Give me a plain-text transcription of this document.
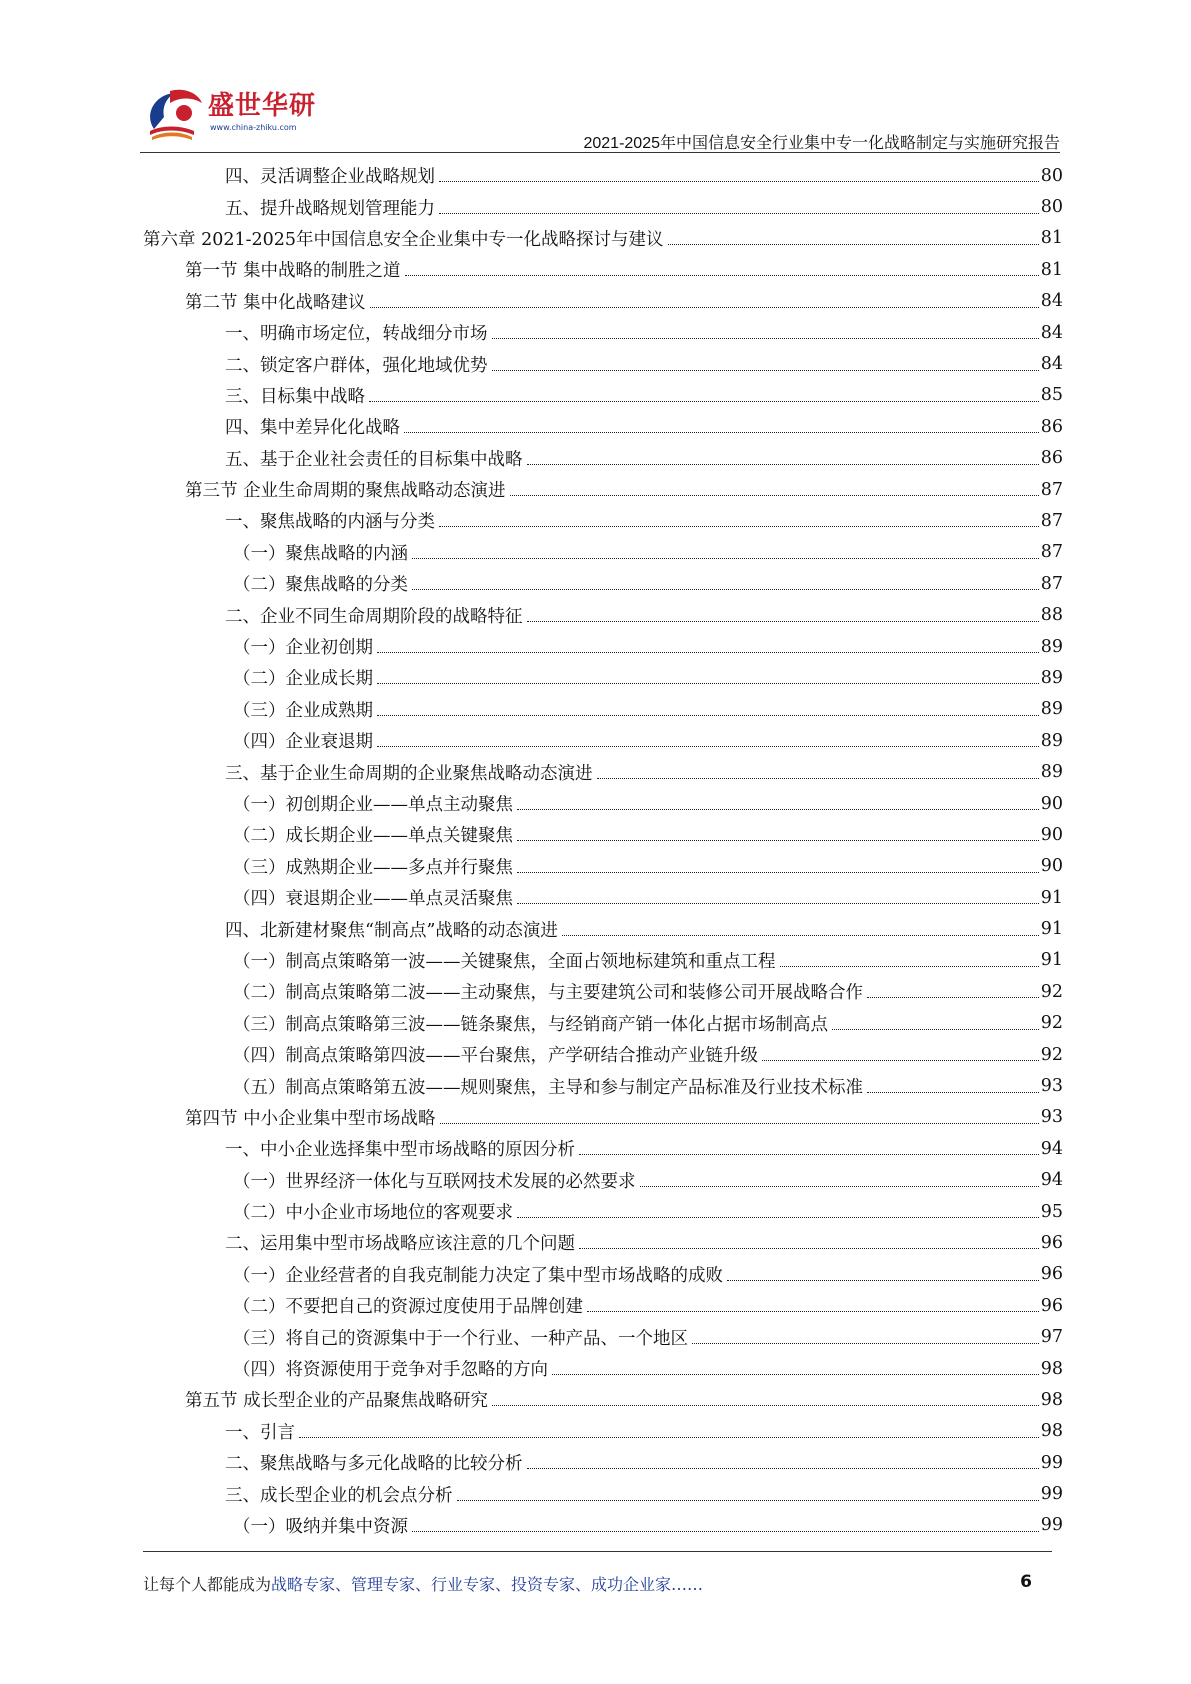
盛世华研
www.china-zhiku.com
2021-2025年中国信息安全行业集中专一化战略制定与实施研究报告
四、灵活调整企业战略规划	80
五、提升战略规划管理能力	80
第六章 2021-2025年中国信息安全企业集中专一化战略探讨与建议	81
第一节 集中战略的制胜之道	81
第二节 集中化战略建议	84
一、明确市场定位，转战细分市场	84
二、锁定客户群体，强化地域优势	84
三、目标集中战略	85
四、集中差异化化战略	86
五、基于企业社会责任的目标集中战略	86
第三节 企业生命周期的聚焦战略动态演进	87
一、聚焦战略的内涵与分类	87
（一）聚焦战略的内涵	87
（二）聚焦战略的分类	87
二、企业不同生命周期阶段的战略特征	88
（一）企业初创期	89
（二）企业成长期	89
（三）企业成熟期	89
（四）企业衰退期	89
三、基于企业生命周期的企业聚焦战略动态演进	89
（一）初创期企业——单点主动聚焦	90
（二）成长期企业——单点关键聚焦	90
（三）成熟期企业——多点并行聚焦	90
（四）衰退期企业——单点灵活聚焦	91
四、北新建材聚焦“制高点”战略的动态演进	91
（一）制高点策略第一波——关键聚焦，全面占领地标建筑和重点工程	91
（二）制高点策略第二波——主动聚焦，与主要建筑公司和装修公司开展战略合作	92
（三）制高点策略第三波——链条聚焦，与经销商产销一体化占据市场制高点	92
（四）制高点策略第四波——平台聚焦，产学研结合推动产业链升级	92
（五）制高点策略第五波——规则聚焦，主导和参与制定产品标准及行业技术标准	93
第四节 中小企业集中型市场战略	93
一、中小企业选择集中型市场战略的原因分析	94
（一）世界经济一体化与互联网技术发展的必然要求	94
（二）中小企业市场地位的客观要求	95
二、运用集中型市场战略应该注意的几个问题	96
（一）企业经营者的自我克制能力决定了集中型市场战略的成败	96
（二）不要把自己的资源过度使用于品牌创建	96
（三）将自己的资源集中于一个行业、一种产品、一个地区	97
（四）将资源使用于竞争对手忽略的方向	98
第五节 成长型企业的产品聚焦战略研究	98
一、引言	98
二、聚焦战略与多元化战略的比较分析	99
三、成长型企业的机会点分析	99
（一）吸纳并集中资源	99
让每个人都能成为战略专家、管理专家、行业专家、投资专家、成功企业家……	6
